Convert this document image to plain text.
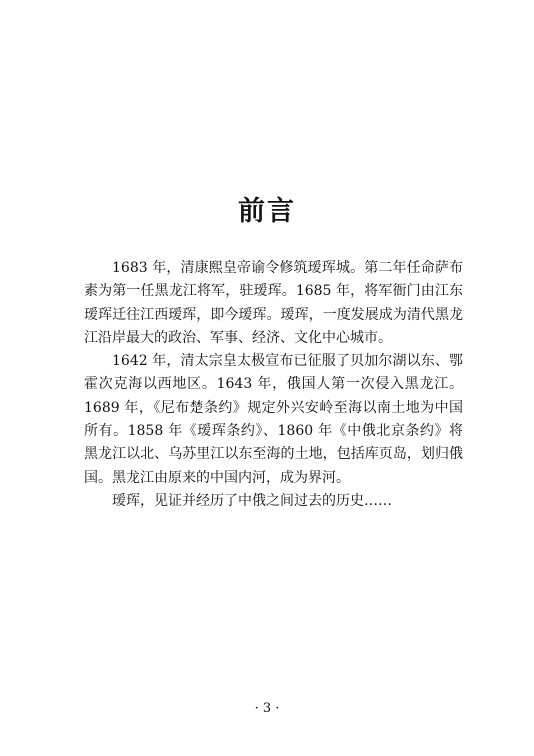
前言

1683 年，清康熙皇帝谕令修筑瑷珲城。第二年任命萨布素为第一任黑龙江将军，驻瑷珲。1685 年，将军衙门由江东瑷珲迁往江西瑷珲，即今瑷珲。瑷珲，一度发展成为清代黑龙江沿岸最大的政治、军事、经济、文化中心城市。

1642 年，清太宗皇太极宣布已征服了贝加尔湖以东、鄂霍次克海以西地区。1643 年，俄国人第一次侵入黑龙江。1689 年，《尼布楚条约》规定外兴安岭至海以南土地为中国所有。1858 年《瑷珲条约》、1860 年《中俄北京条约》将黑龙江以北、乌苏里江以东至海的土地，包括库页岛，划归俄国。黑龙江由原来的中国内河，成为界河。

瑷珲，见证并经历了中俄之间过去的历史……

· 3 ·
